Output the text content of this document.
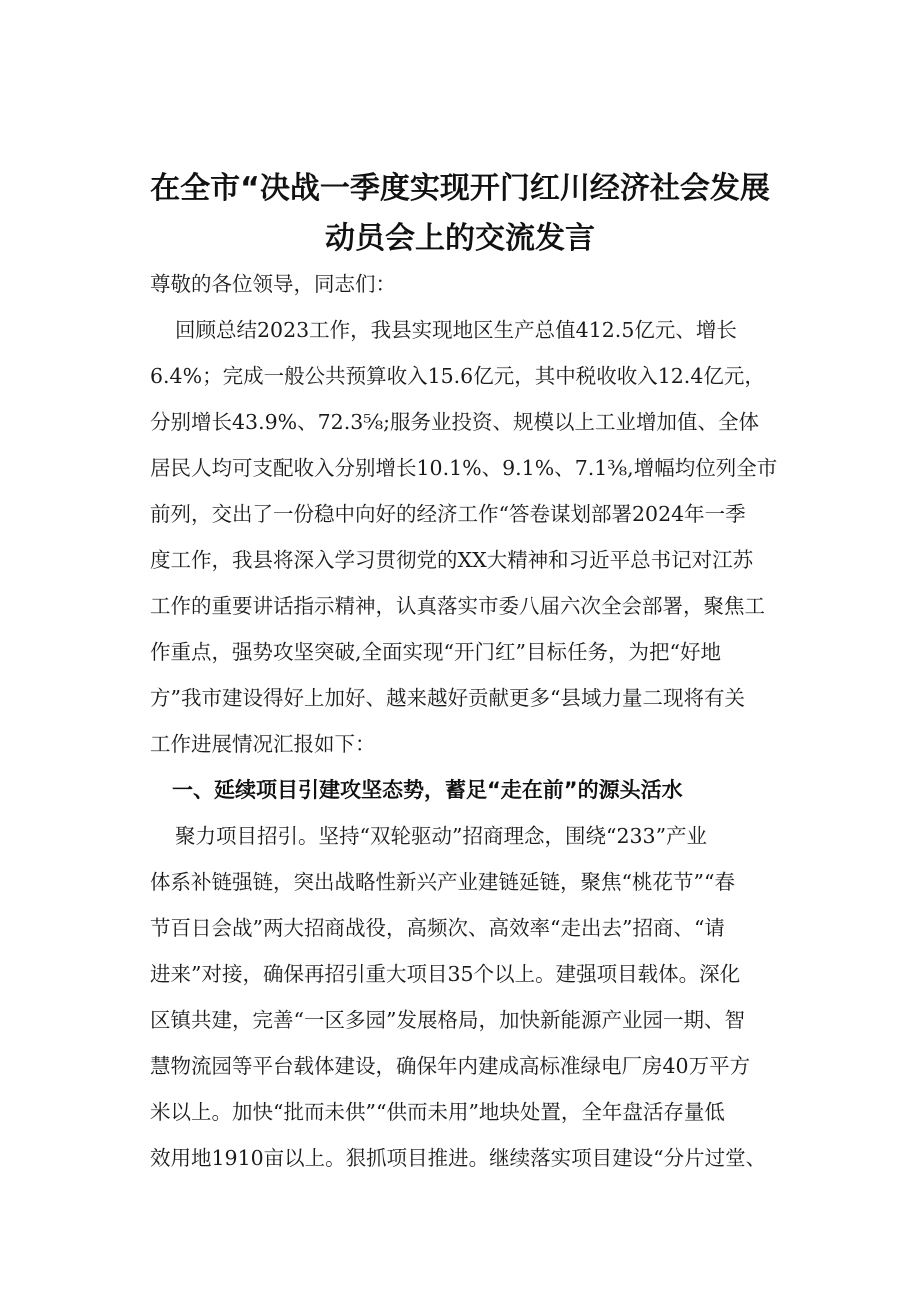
在全市“决战一季度实现开门红川经济社会发展
动员会上的交流发言
尊敬的各位领导，同志们：
回顾总结2023工作，我县实现地区生产总值412.5亿元、增长
6.4%；完成一般公共预算收入15.6亿元，其中税收收入12.4亿元，
分别增长43.9%、72.3⅝;服务业投资、规模以上工业增加值、全体
居民人均可支配收入分别增长10.1%、9.1%、7.1⅜,增幅均位列全市
前列，交出了一份稳中向好的经济工作“答卷谋划部署2024年一季
度工作，我县将深入学习贯彻党的XX大精神和习近平总书记对江苏
工作的重要讲话指示精神，认真落实市委八届六次全会部署，聚焦工
作重点，强势攻坚突破,全面实现“开门红”目标任务，为把“好地
方”我市建设得好上加好、越来越好贡献更多“县域力量二现将有关
工作进展情况汇报如下：
一、延续项目引建攻坚态势，蓄足“走在前”的源头活水
聚力项目招引。坚持“双轮驱动”招商理念，围绕“233”产业
体系补链强链，突出战略性新兴产业建链延链，聚焦“桃花节”“春
节百日会战”两大招商战役，高频次、高效率“走出去”招商、“请
进来”对接，确保再招引重大项目35个以上。建强项目载体。深化
区镇共建，完善“一区多园”发展格局，加快新能源产业园一期、智
慧物流园等平台载体建设，确保年内建成高标准绿电厂房40万平方
米以上。加快“批而未供”“供而未用”地块处置，全年盘活存量低
效用地1910亩以上。狠抓项目推进。继续落实项目建设“分片过堂、
